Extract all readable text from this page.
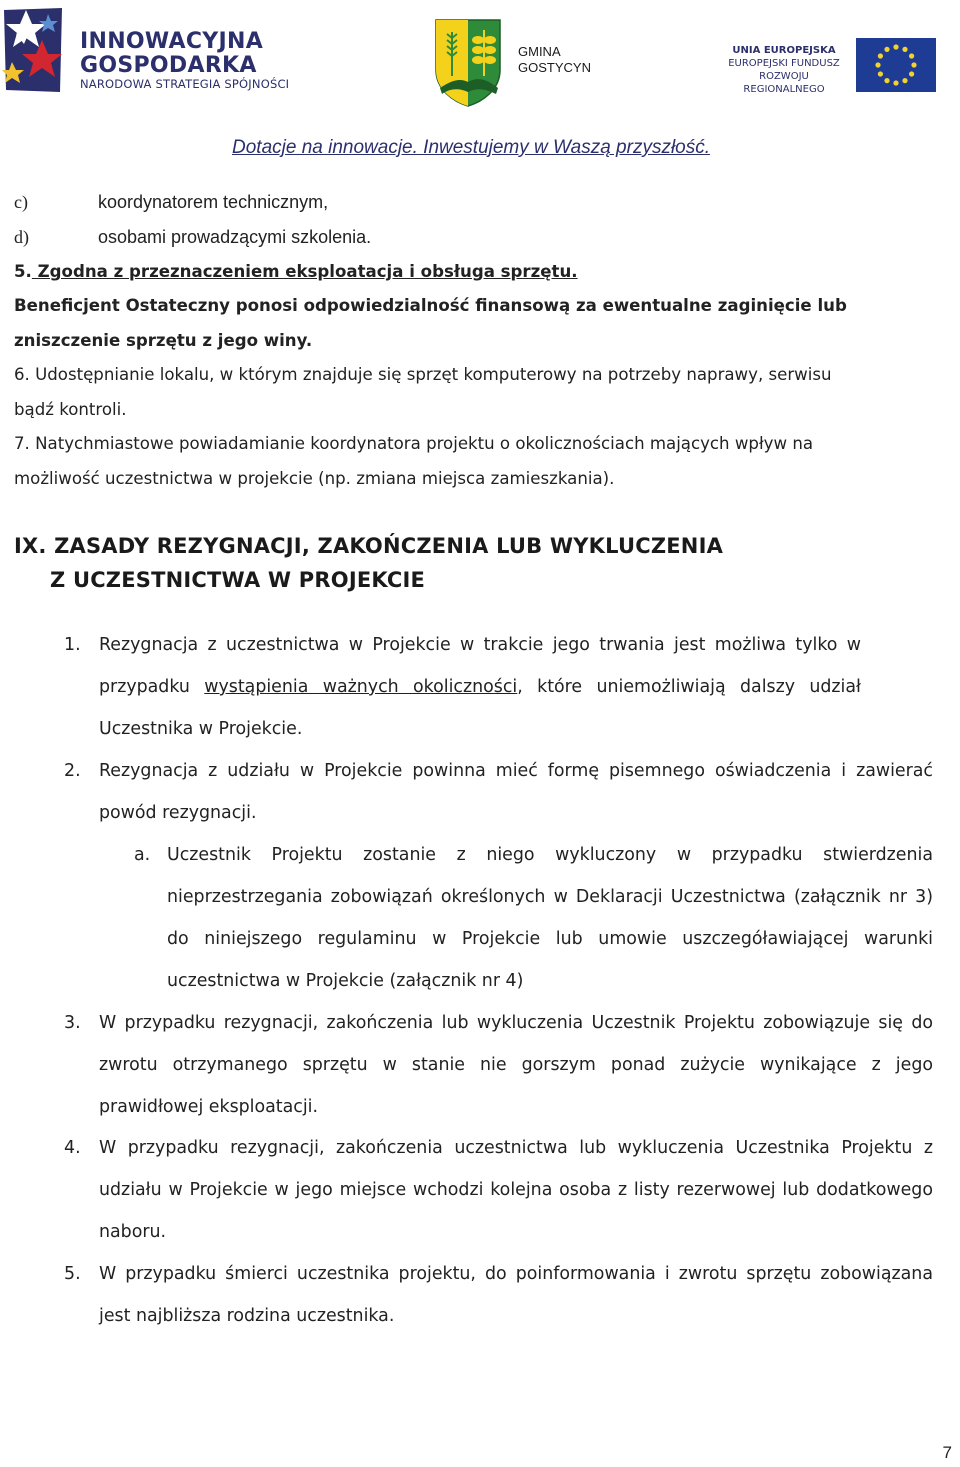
INNOWACYJNA
GOSPODARKA
NARODOWA STRATEGIA SPÓJNOŚCI
GMINA
GOSTYCYN
UNIA EUROPEJSKA
EUROPEJSKI FUNDUSZ
ROZWOJU REGIONALNEGO
Dotacje na innowacje. Inwestujemy w Waszą przyszłość.
c)	koordynatorem technicznym,
d)	osobami prowadzącymi szkolenia.
5. Zgodna z przeznaczeniem eksploatacja i obsługa sprzętu.
Beneficjent Ostateczny ponosi odpowiedzialność finansową za ewentualne zaginięcie lub
zniszczenie sprzętu z jego winy.
6. Udostępnianie lokalu, w którym znajduje się sprzęt komputerowy na potrzeby naprawy, serwisu
bądź kontroli.
7. Natychmiastowe powiadamianie koordynatora projektu o okolicznościach mających wpływ na
możliwość uczestnictwa w projekcie (np. zmiana miejsca zamieszkania).
IX. ZASADY REZYGNACJI, ZAKOŃCZENIA LUB WYKLUCZENIA
Z UCZESTNICTWA W PROJEKCIE
1. Rezygnacja z uczestnictwa w Projekcie w trakcie jego trwania jest możliwa tylko w przypadku wystąpienia ważnych okoliczności, które uniemożliwiają dalszy udział Uczestnika w Projekcie.
2. Rezygnacja z udziału w Projekcie powinna mieć formę pisemnego oświadczenia i zawierać powód rezygnacji.
a. Uczestnik Projektu zostanie z niego wykluczony w przypadku stwierdzenia nieprzestrzegania zobowiązań określonych w Deklaracji Uczestnictwa (załącznik nr 3) do niniejszego regulaminu w Projekcie lub umowie uszczegóławiającej warunki uczestnictwa w Projekcie (załącznik nr 4)
3. W przypadku rezygnacji, zakończenia lub wykluczenia Uczestnik Projektu zobowiązuje się do zwrotu otrzymanego sprzętu w stanie nie gorszym ponad zużycie wynikające z jego prawidłowej eksploatacji.
4. W przypadku rezygnacji, zakończenia uczestnictwa lub wykluczenia Uczestnika Projektu z udziału w Projekcie w jego miejsce wchodzi kolejna osoba z listy rezerwowej lub dodatkowego naboru.
5. W przypadku śmierci uczestnika projektu, do poinformowania i zwrotu sprzętu zobowiązana jest najbliższa rodzina uczestnika.
7
